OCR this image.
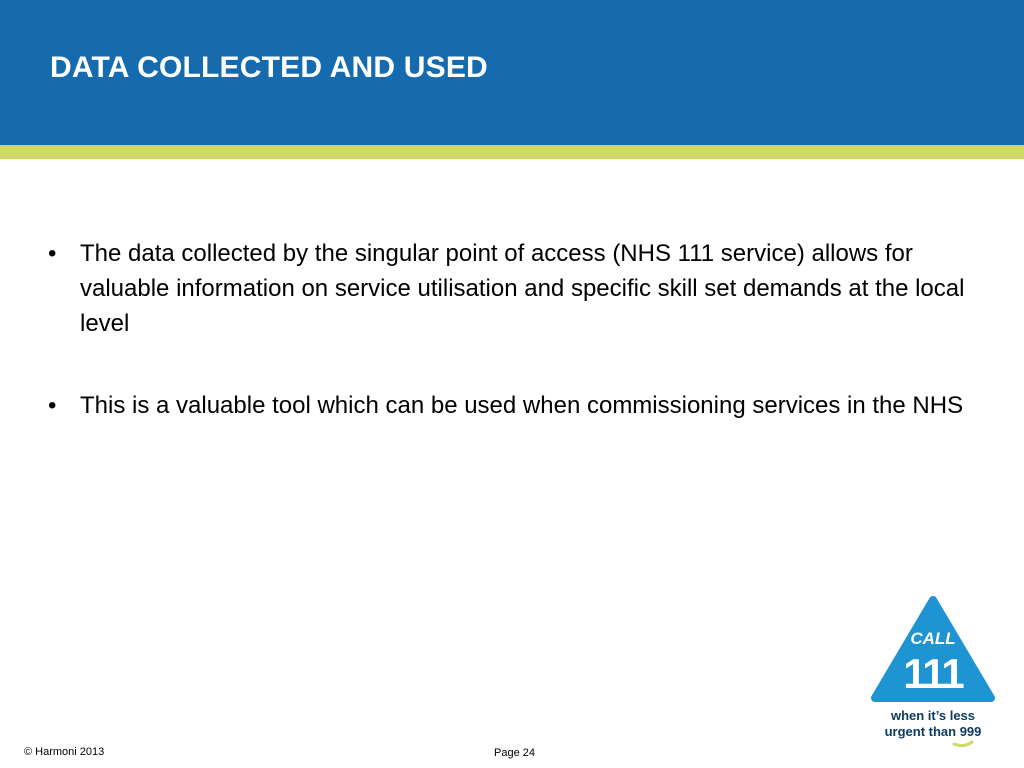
DATA COLLECTED AND USED
• The data collected by the singular point of access (NHS 111 service) allows for valuable information on service utilisation and specific skill set demands at the local level
• This is a valuable tool which can be used when commissioning services in the NHS
CALL
111
when it’s less
urgent than 999
© Harmoni 2013	Page 24
